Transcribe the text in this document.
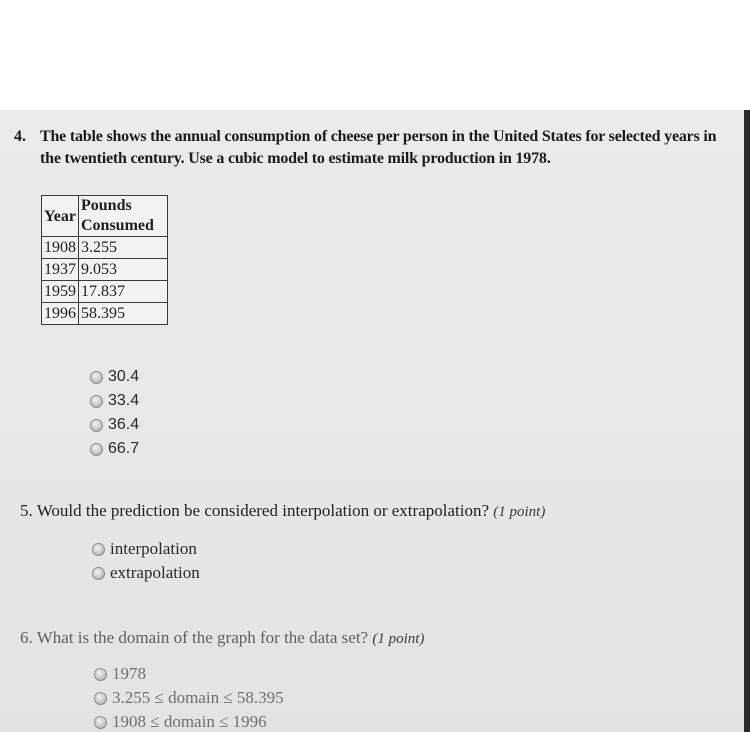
4. The table shows the annual consumption of cheese per person in the United States for selected years in the twentieth century. Use a cubic model to estimate milk production in 1978.
Year	Pounds Consumed
1908	3.255
1937	9.053
1959	17.837
1996	58.395
30.4
33.4
36.4
66.7
5. Would the prediction be considered interpolation or extrapolation? (1 point)
interpolation
extrapolation
6. What is the domain of the graph for the data set? (1 point)
1978
3.255 ≤ domain ≤ 58.395
1908 ≤ domain ≤ 1996
